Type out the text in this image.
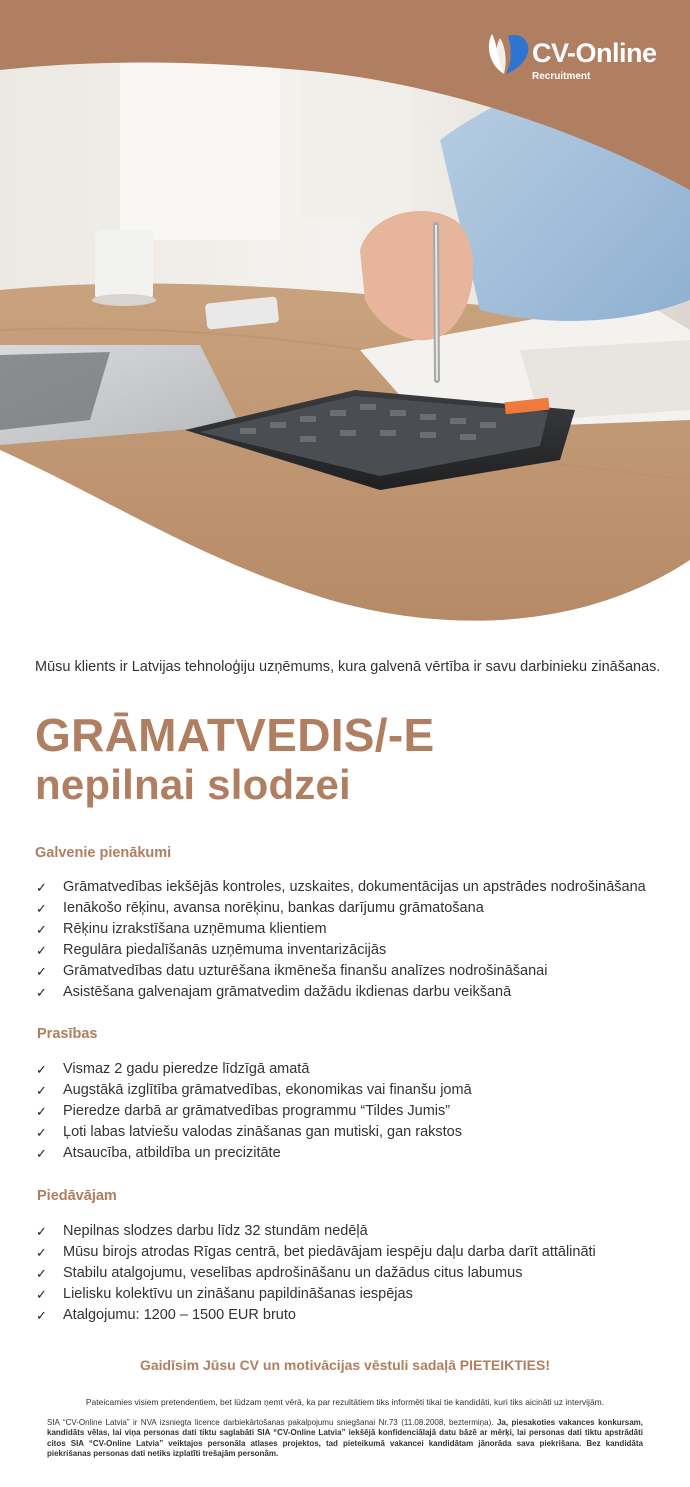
CV-Online
Recruitment

Mūsu klients ir Latvijas tehnoloģiju uzņēmums, kura galvenā vērtība ir savu darbinieku zināšanas.

GRĀMATVEDIS/-E
nepilnai slodzei
Galvenie pienākumi
✓ Grāmatvedības iekšējās kontroles, uzskaites, dokumentācijas un apstrādes nodrošināšana
✓ Ienākošo rēķinu, avansa norēķinu, bankas darījumu grāmatošana
✓ Rēķinu izrakstīšana uzņēmuma klientiem
✓ Regulāra piedalīšanās uzņēmuma inventarizācijās
✓ Grāmatvedības datu uzturēšana ikmēneša finanšu analīzes nodrošināšanai
✓ Asistēšana galvenajam grāmatvedim dažādu ikdienas darbu veikšanā
Prasības
✓ Vismaz 2 gadu pieredze līdzīgā amatā
✓ Augstākā izglītība grāmatvedības, ekonomikas vai finanšu jomā
✓ Pieredze darbā ar grāmatvedības programmu “Tildes Jumis”
✓ Ļoti labas latviešu valodas zināšanas gan mutiski, gan rakstos
✓ Atsaucība, atbildība un precizitāte
Piedāvājam
✓ Nepilnas slodzes darbu līdz 32 stundām nedēļā
✓ Mūsu birojs atrodas Rīgas centrā, bet piedāvājam iespēju daļu darba darīt attālināti
✓ Stabilu atalgojumu, veselības apdrošināšanu un dažādus citus labumus
✓ Lielisku kolektīvu un zināšanu papildināšanas iespējas
✓ Atalgojumu: 1200 – 1500 EUR bruto

Gaidīsim Jūsu CV un motivācijas vēstuli sadaļā PIETEIKTIES!

Pateicamies visiem pretendentiem, bet lūdzam ņemt vērā, ka par rezultātiem tiks informēti tikai tie kandidāti, kuri tiks aicināti uz intervijām.

SIA “CV-Online Latvia” ir NVA izsniegta licence darbiekārtošanas pakalpojumu sniegšanai Nr.73 (11.08.2008, beztermiņa). Ja, piesakoties vakances konkursam, kandidāts vēlas, lai viņa personas dati tiktu saglabāti SIA “CV-Online Latvia” iekšējā konfidenciālajā datu bāzē ar mērķi, lai personas dati tiktu apstrādāti citos SIA “CV-Online Latvia” veiktajos personāla atlases projektos, tad pieteikumā vakancei kandidātam jānorāda sava piekrišana. Bez kandidāta piekrišanas personas dati netiks izplatīti trešajām personām.
